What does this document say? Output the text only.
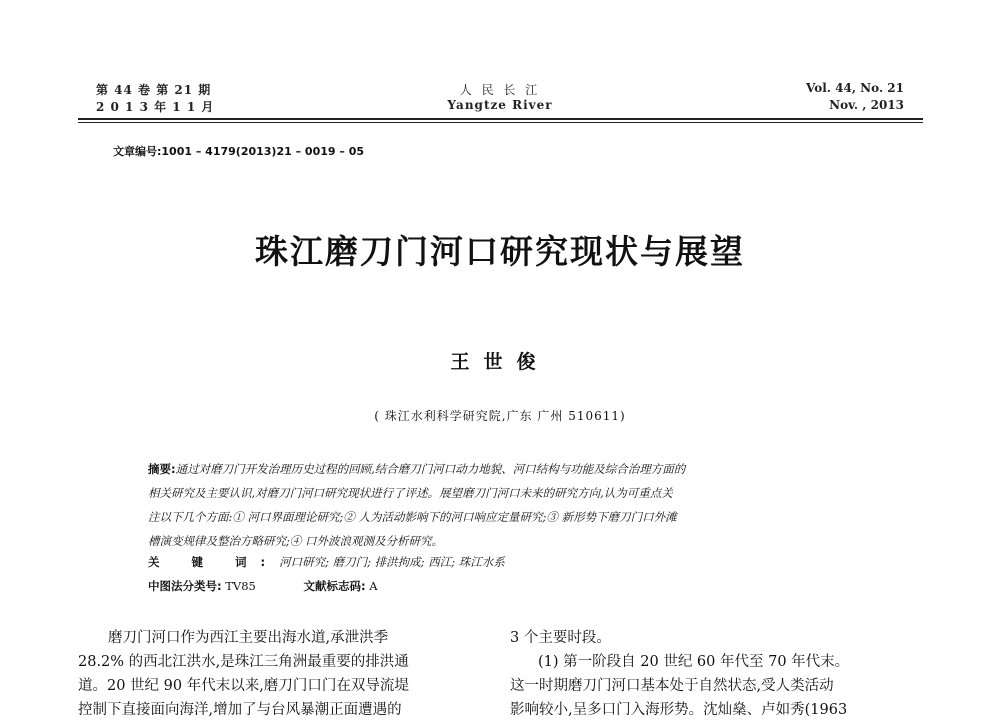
第 44 卷 第 21 期
2 0 1 3 年 1 1 月
人 民 长 江
Yangtze River
Vol. 44, No. 21
Nov. , 2013
文章编号:1001 – 4179(2013)21 – 0019 – 05
珠江磨刀门河口研究现状与展望
王世俊
( 珠江水利科学研究院,广东 广州 510611)
摘要:通过对磨刀门开发治理历史过程的回顾,结合磨刀门河口动力地貌、河口结构与功能及综合治理方面的
相关研究及主要认识,对磨刀门河口研究现状进行了评述。展望磨刀门河口未来的研究方向,认为可重点关
注以下几个方面:① 河口界面理论研究;② 人为活动影响下的河口响应定量研究;③ 新形势下磨刀门口外滩
槽演变规律及整治方略研究;④ 口外波浪观测及分析研究。
关 键 词:河口研究; 磨刀门; 排洪拘成; 西江; 珠江水系
中图法分类号: TV85	文献标志码: A
磨刀门河口作为西江主要出海水道,承泄洪季
28.2% 的西北江洪水,是珠江三角洲最重要的排洪通
道。20 世纪 90 年代末以来,磨刀门口门在双导流堤
控制下直接面向海洋,增加了与台风暴潮正面遭遇的
3 个主要时段。
(1) 第一阶段自 20 世纪 60 年代至 70 年代末。
这一时期磨刀门河口基本处于自然状态,受人类活动
影响较小,呈多口门入海形势。沈灿燊、卢如秀(1963
